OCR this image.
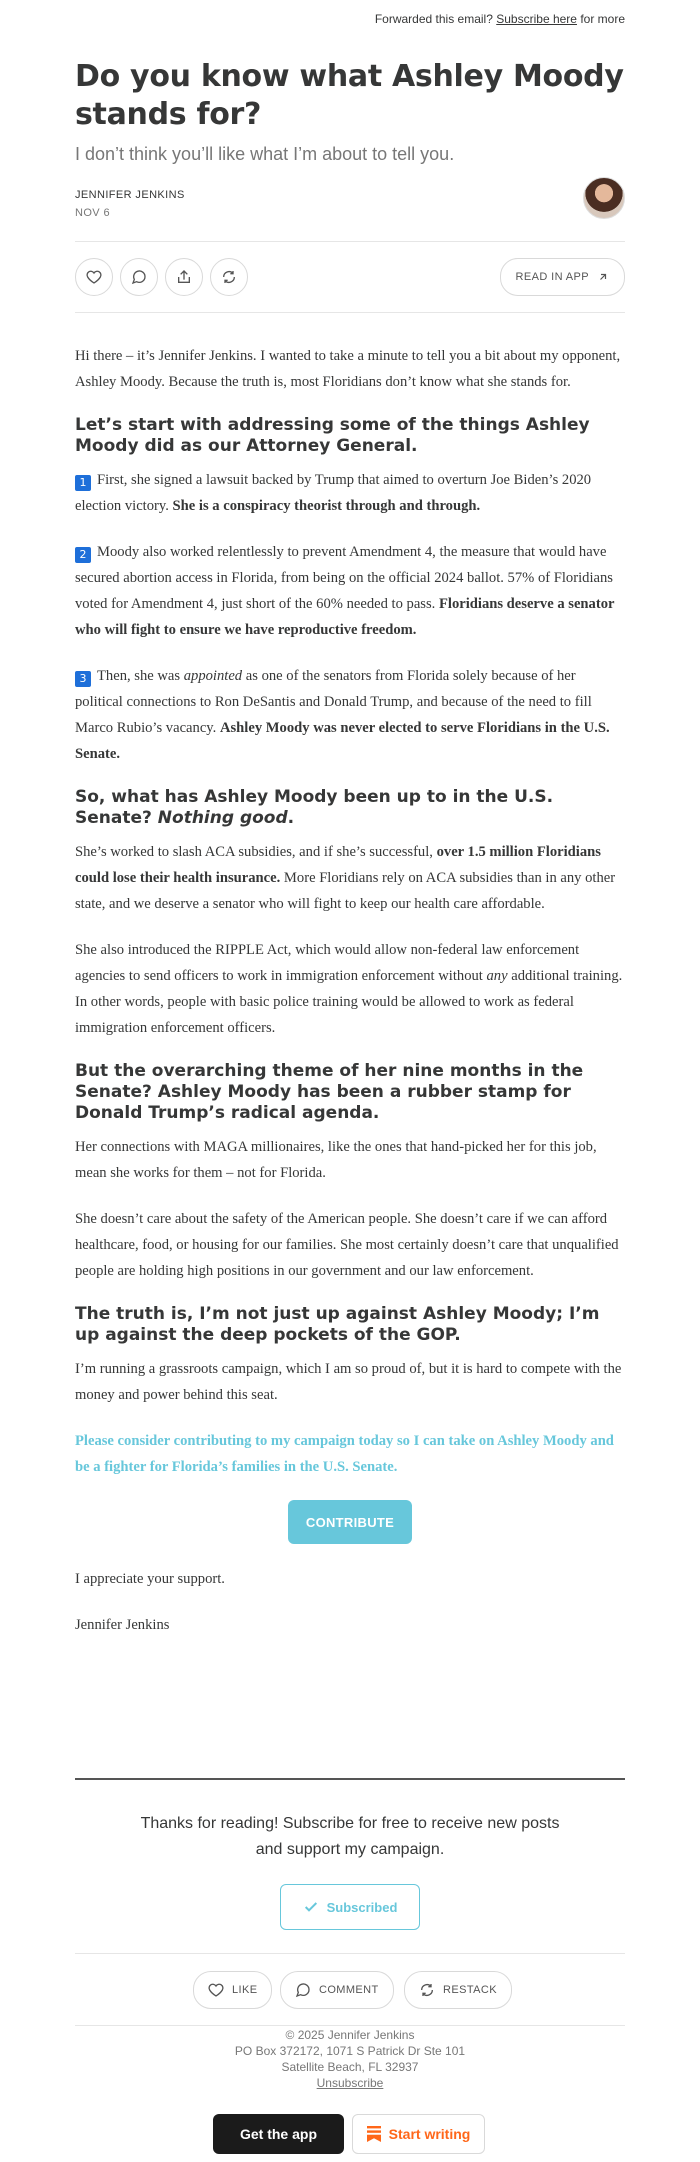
Forwarded this email? Subscribe here for more
Do you know what Ashley Moody stands for?
I don’t think you’ll like what I’m about to tell you.
JENNIFER JENKINS
NOV 6
READ IN APP

Hi there – it’s Jennifer Jenkins. I wanted to take a minute to tell you a bit about my opponent, Ashley Moody. Because the truth is, most Floridians don’t know what she stands for.

Let’s start with addressing some of the things Ashley Moody did as our Attorney General.

1 First, she signed a lawsuit backed by Trump that aimed to overturn Joe Biden’s 2020 election victory. She is a conspiracy theorist through and through.

2 Moody also worked relentlessly to prevent Amendment 4, the measure that would have secured abortion access in Florida, from being on the official 2024 ballot. 57% of Floridians voted for Amendment 4, just short of the 60% needed to pass. Floridians deserve a senator who will fight to ensure we have reproductive freedom.

3 Then, she was appointed as one of the senators from Florida solely because of her political connections to Ron DeSantis and Donald Trump, and because of the need to fill Marco Rubio’s vacancy. Ashley Moody was never elected to serve Floridians in the U.S. Senate.

So, what has Ashley Moody been up to in the U.S. Senate? Nothing good.

She’s worked to slash ACA subsidies, and if she’s successful, over 1.5 million Floridians could lose their health insurance. More Floridians rely on ACA subsidies than in any other state, and we deserve a senator who will fight to keep our health care affordable.

She also introduced the RIPPLE Act, which would allow non-federal law enforcement agencies to send officers to work in immigration enforcement without any additional training. In other words, people with basic police training would be allowed to work as federal immigration enforcement officers.

But the overarching theme of her nine months in the Senate? Ashley Moody has been a rubber stamp for Donald Trump’s radical agenda.

Her connections with MAGA millionaires, like the ones that hand-picked her for this job, mean she works for them – not for Florida.

She doesn’t care about the safety of the American people. She doesn’t care if we can afford healthcare, food, or housing for our families. She most certainly doesn’t care that unqualified people are holding high positions in our government and our law enforcement.

The truth is, I’m not just up against Ashley Moody; I’m up against the deep pockets of the GOP.

I’m running a grassroots campaign, which I am so proud of, but it is hard to compete with the money and power behind this seat.

Please consider contributing to my campaign today so I can take on Ashley Moody and be a fighter for Florida’s families in the U.S. Senate.

CONTRIBUTE

I appreciate your support.

Jennifer Jenkins

Thanks for reading! Subscribe for free to receive new posts and support my campaign.
Subscribed
LIKE	COMMENT	RESTACK
© 2025 Jennifer Jenkins
PO Box 372172, 1071 S Patrick Dr Ste 101
Satellite Beach, FL 32937
Unsubscribe
Get the app	Start writing
